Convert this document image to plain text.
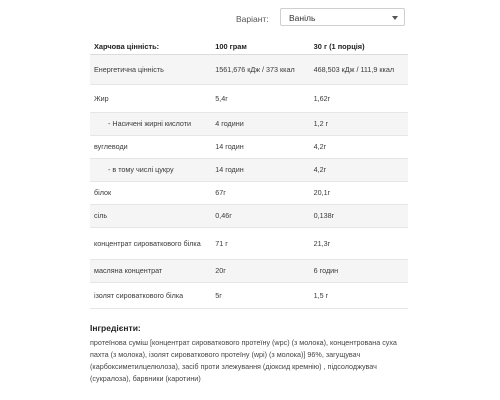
Варіант: Ваніль
Харчова цінність:	100 грам	30 г (1 порція)
Енергетична цінність	1561,676 кДж / 373 ккал	468,503 кДж / 111,9 ккал
Жир	5,4г	1,62г
- Насичені жирні кислоти	4 години	1,2 г
вуглеводи	14 годин	4,2г
- в тому числі цукру	14 годин	4,2г
білок	67г	20,1г
сіль	0,46г	0,138г
концентрат сироваткового білка	71 г	21,3г
масляна концентрат	20г	6 годин
ізолят сироваткового білка	5г	1,5 г
Інгредієнти:
протеїнова суміш [концентрат сироваткового протеїну (wpc) (з молока), концентрована суха пахта (з молока), ізолят сироваткового протеїну (wpi) (з молока)] 96%, загущувач (карбоксиметилцелюлоза), засіб проти злежування (діоксид кремнію) , підсолоджувач (сукралоза), барвники (каротини)
